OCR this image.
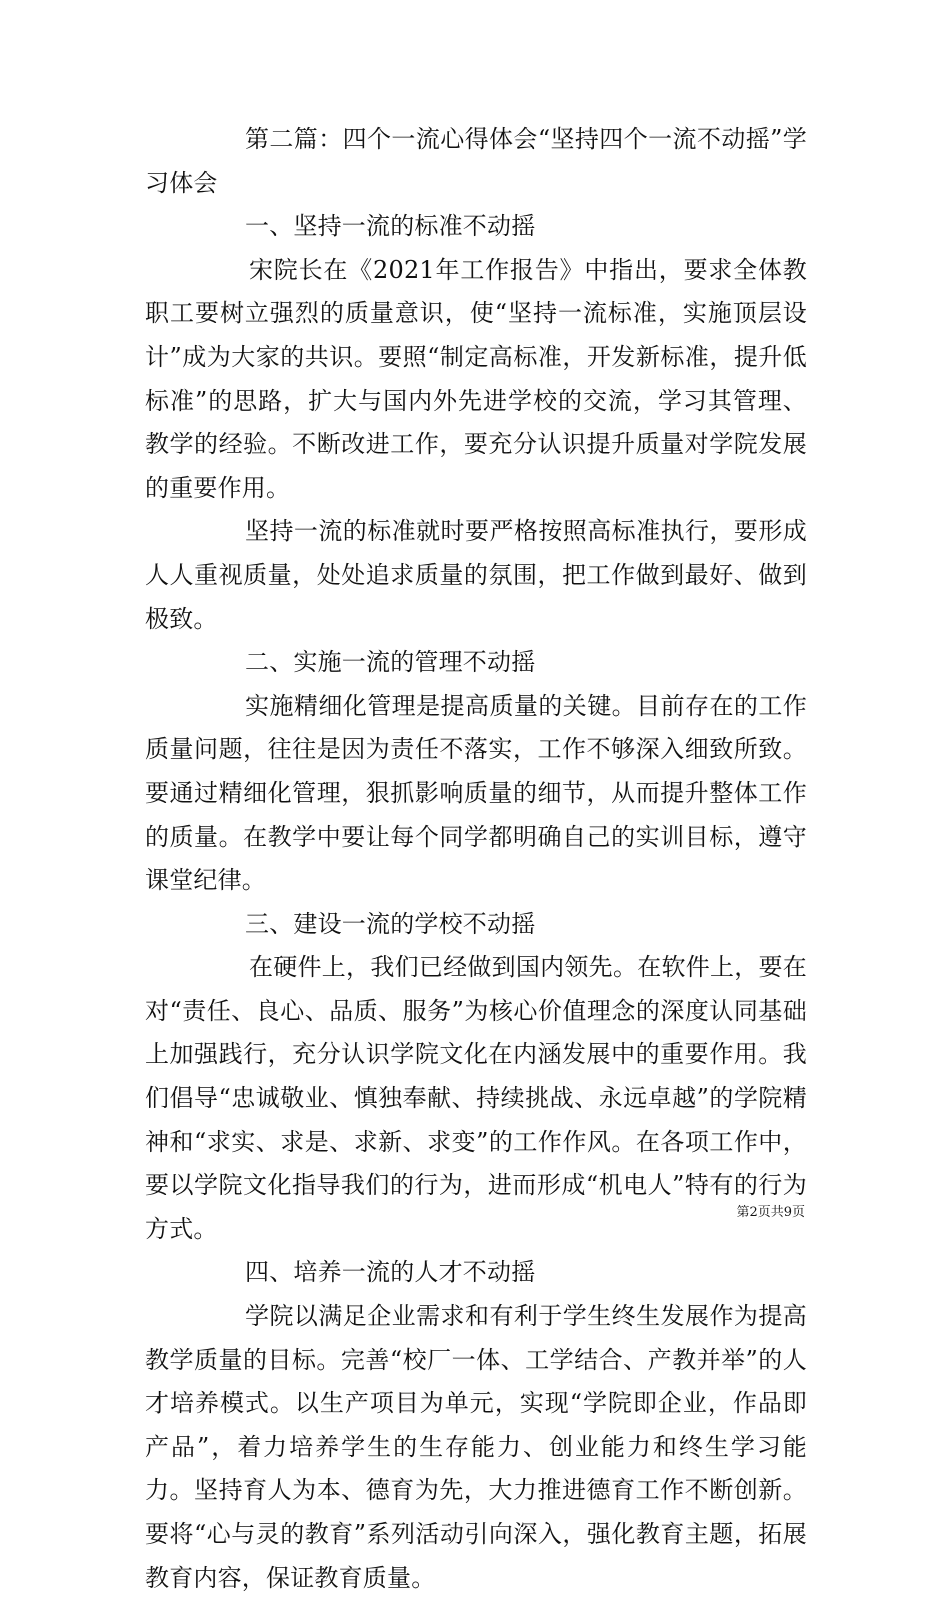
第二篇：四个一流心得体会“坚持四个一流不动摇”学习体会

一、坚持一流的标准不动摇

宋院长在《2021年工作报告》中指出，要求全体教职工要树立强烈的质量意识，使“坚持一流标准，实施顶层设计”成为大家的共识。要照“制定高标准，开发新标准，提升低标准”的思路，扩大与国内外先进学校的交流，学习其管理、教学的经验。不断改进工作，要充分认识提升质量对学院发展的重要作用。

坚持一流的标准就时要严格按照高标准执行，要形成人人重视质量，处处追求质量的氛围，把工作做到最好、做到极致。

二、实施一流的管理不动摇

实施精细化管理是提高质量的关键。目前存在的工作质量问题，往往是因为责任不落实，工作不够深入细致所致。要通过精细化管理，狠抓影响质量的细节，从而提升整体工作的质量。在教学中要让每个同学都明确自己的实训目标，遵守课堂纪律。

三、建设一流的学校不动摇

在硬件上，我们已经做到国内领先。在软件上，要在对“责任、良心、品质、服务”为核心价值理念的深度认同基础上加强践行，充分认识学院文化在内涵发展中的重要作用。我们倡导“忠诚敬业、慎独奉献、持续挑战、永远卓越”的学院精神和“求实、求是、求新、求变”的工作作风。在各项工作中，要以学院文化指导我们的行为，进而形成“机电人”特有的行为方式。

四、培养一流的人才不动摇

学院以满足企业需求和有利于学生终生发展作为提高教学质量的目标。完善“校厂一体、工学结合、产教并举”的人才培养模式。以生产项目为单元，实现“学院即企业，作品即产品”，着力培养学生的生存能力、创业能力和终生学习能力。坚持育人为本、德育为先，大力推进德育工作不断创新。要将“心与灵的教育”系列活动引向深入，强化教育主题，拓展教育内容，保证教育质量。

第2页共9页
